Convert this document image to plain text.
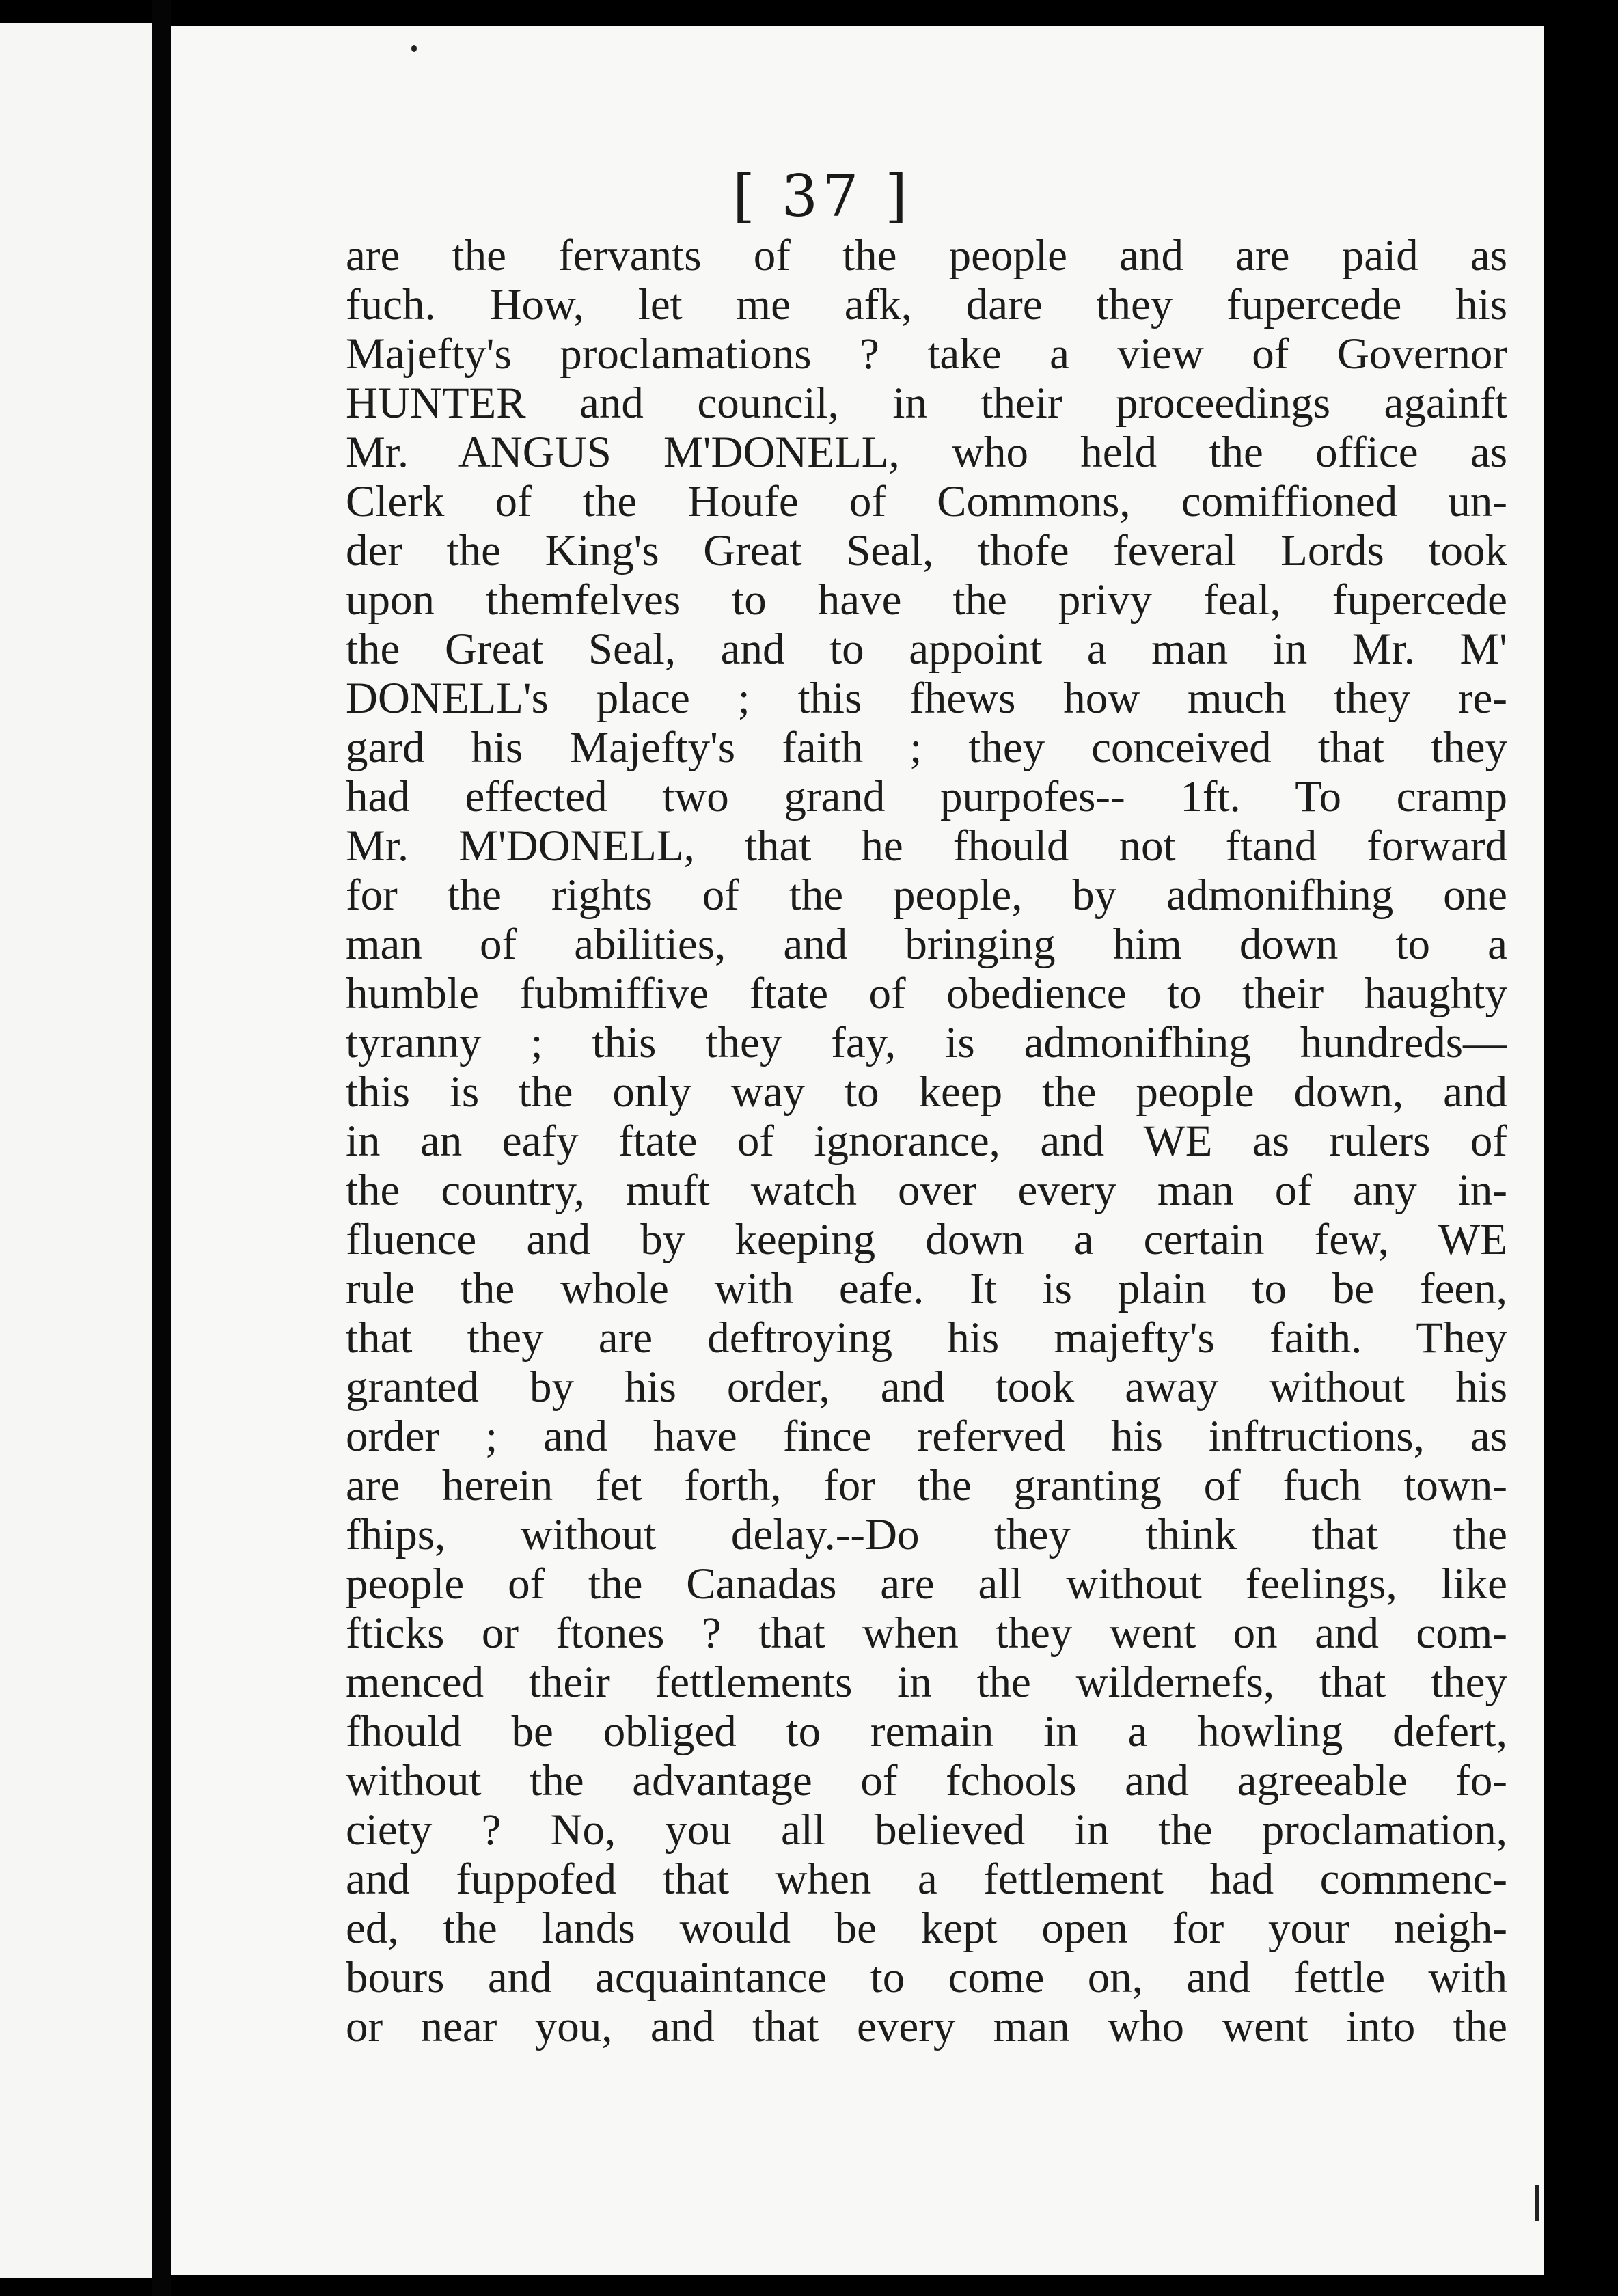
[ 37 ]
are the fervants of the people and are paid as
fuch. How, let me afk, dare they fupercede his
Majefty's proclamations ? take a view of Governor
HUNTER and council, in their proceedings againft
Mr. ANGUS M'DONELL, who held the office as
Clerk of the Houfe of Commons, comiffioned un-
der the King's Great Seal, thofe feveral Lords took
upon themfelves to have the privy feal, fupercede
the Great Seal, and to appoint a man in Mr. M'
DONELL's place ; this fhews how much they re-
gard his Majefty's faith ; they conceived that they
had effected two grand purpofes-- 1ft. To cramp
Mr. M'DONELL, that he fhould not ftand forward
for the rights of the people, by admonifhing one
man of abilities, and bringing him down to a
humble fubmiffive ftate of obedience to their haughty
tyranny ; this they fay, is admonifhing hundreds—
this is the only way to keep the people down, and
in an eafy ftate of ignorance, and WE as rulers of
the country, muft watch over every man of any in-
fluence and by keeping down a certain few, WE
rule the whole with eafe. It is plain to be feen,
that they are deftroying his majefty's faith. They
granted by his order, and took away without his
order ; and have fince referved his inftructions, as
are herein fet forth, for the granting of fuch town-
fhips, without delay.--Do they think that the
people of the Canadas are all without feelings, like
fticks or ftones ? that when they went on and com-
menced their fettlements in the wildernefs, that they
fhould be obliged to remain in a howling defert,
without the advantage of fchools and agreeable fo-
ciety ? No, you all believed in the proclamation,
and fuppofed that when a fettlement had commenc-
ed, the lands would be kept open for your neigh-
bours and acquaintance to come on, and fettle with
or near you, and that every man who went into the
